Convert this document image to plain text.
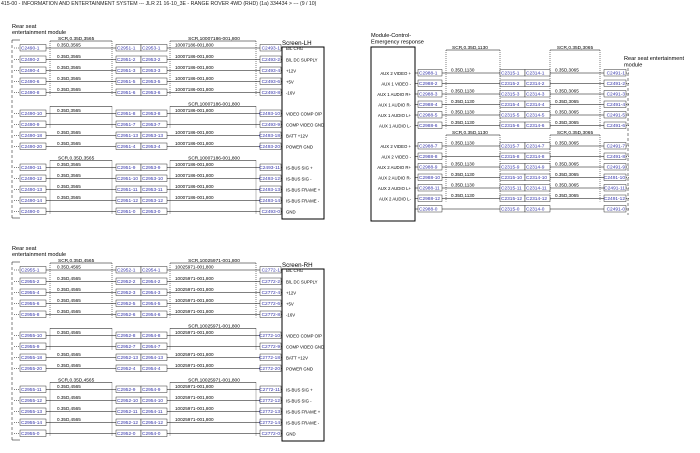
415-00 - INFORMATION AND ENTERTAINMENT SYSTEM --- JLR 21 16-10_3E - RANGE ROVER 4WD (RHD) (1a) 334434 > --- (9 / 10)
Rear seat
entertainment module
Screen-LH
SCR,0.35D,3565	SCR,10007186-001,800
SCR,10007186-001,800
SCR,0.35D,3565	SCR,10007186-001,800
0.35D,3565	10007186-001,800
C2490-1	C2951-1 C2953-1	C2493-1 B/L CHG
0.35D,3565	10007186-001,800
C2490-2	C2951-2 C2953-2	C2493-2 B/L DC SUPPLY
0.35D,3565	10007186-001,800
C2490-4	C2951-3 C2953-3	C2493-4 +12V
0.35D,3565	10007186-001,800
C2490-6	C2951-5 C2953-5	C2493-6 +5V
0.35D,3565	10007186-001,800
C2490-8	C2951-6 C2953-6	C2493-8 -16V
0.35D,3565	10007186-001,800
C2490-10	C2951-8 C2953-8	C2493-10 VIDEO COMP O/P
C2490-9	C2951-7 C2953-7	C2493-9 COMP VIDEO GND
0.35D,3565	10007186-001,800
C2490-18	C2951-13 C2953-13	C2493-18 BATT +12V
0.35D,3565	10007186-001,800
C2490-20	C2951-4 C2953-4	C2493-20 POWER GND
0.35D,3565	10007186-001,800
C2490-11	C2951-9 C2953-9	C2493-11 IS-BUS SIG +
0.35D,3565	10007186-001,800
C2490-12	C2951-10 C2953-10	C2493-12 IS-BUS SIG -
0.35D,3565	10007186-001,800
C2490-13	C2951-11 C2953-11	C2493-13 IS-BUS FRAME +
0.35D,3565	10007186-001,800
C2490-14	C2951-12 C2953-12	C2493-14 IS-BUS FRAME -
C2490-0	C2951-0 C2953-0	C2493-0 GND
Rear seat
entertainment module
Screen-RH
SCR,0.35D,4565	SCR,10025971-001,800
SCR,10025971-001,800
SCR,0.35D,4565	SCR,10025971-001,800
0.35D,4565	10025971-001,800
C2955-1	C2952-1 C2954-1	C2772-1 B/L CHG
0.35D,4565	10025971-001,800
C2955-2	C2952-2 C2954-2	C2772-2 B/L DC SUPPLY
0.35D,4565	10025971-001,800
C2955-4	C2952-3 C2954-3	C2772-4 +12V
0.35D,4565	10025971-001,800
C2955-6	C2952-5 C2954-5	C2772-6 +5V
0.35D,4565	10025971-001,800
C2955-8	C2952-6 C2954-6	C2772-8 -16V
0.35D,4565	10025971-001,800
C2955-10	C2952-8 C2954-8	C2772-10 VIDEO COMP O/P
C2955-9	C2952-7 C2954-7	C2772-9 COMP VIDEO GND
0.35D,4565	10025971-001,800
C2955-18	C2952-13 C2954-13	C2772-18 BATT +12V
0.35D,4565	10025971-001,800
C2955-20	C2952-4 C2954-4	C2772-20 POWER GND
0.35D,4565	10025971-001,800
C2955-11	C2952-9 C2954-9	C2772-11 IS-BUS SIG +
0.35D,4565	10025971-001,800
C2955-12	C2952-10 C2954-10	C2772-12 IS-BUS SIG -
0.35D,4565	10025971-001,800
C2955-13	C2952-11 C2954-11	C2772-13 IS-BUS FRAME +
0.35D,4565	10025971-001,800
C2955-14	C2952-12 C2954-12	C2772-14 IS-BUS FRAME -
C2955-0	C2952-0 C2954-0	C2772-0 GND
Module-Control-
Emergency response
Rear seat entertainment
module
SCR,0.35D,1130	SCR,0.35D,3065
SCR,0.35D,1130	SCR,0.35D,3065
AUX 2 VIDEO +
0.35D,1130	0.35D,3065
C2988-1	C2315-1 C2314-1	C2491-1
AUX 1 VIDEO - C2988-2	C2315-2 C2314-2	C2491-2
AUX 1 AUDIO R+
0.35D,1130	0.35D,3065
C2988-3	C2315-3 C2314-3	C2491-3
AUX 1 AUDIO R-
0.35D,1130	0.35D,3065
C2988-4	C2315-4 C2314-4	C2491-4
AUX 1 AUDIO L+
0.35D,1130	0.35D,3065
C2988-5	C2315-5 C2314-5	C2491-5
AUX 1 AUDIO L-
0.35D,1130	0.35D,3065
C2988-6	C2315-6 C2314-6	C2491-6
AUX 2 VIDEO +
0.35D,1130	0.35D,3065
C2988-7	C2315-7 C2314-7	C2491-7
AUX 2 VIDEO - C2988-8	C2315-8 C2314-8	C2491-8
AUX 2 AUDIO R+
0.35D,1130	0.35D,3065
C2988-9	C2315-9 C2314-9	C2491-9
AUX 2 AUDIO R-
0.35D,1130	0.35D,3065
C2988-10	C2315-10 C2314-10	C2491-10
AUX 2 AUDIO L+
0.35D,1130	0.35D,3065
C2988-11	C2315-11 C2314-11	C2491-11
AUX 2 AUDIO L-
0.35D,1130	0.35D,3065
C2988-12	C2315-12 C2314-12	C2491-12
C2988-0	C2315-0 C2314-0	C2491-0
